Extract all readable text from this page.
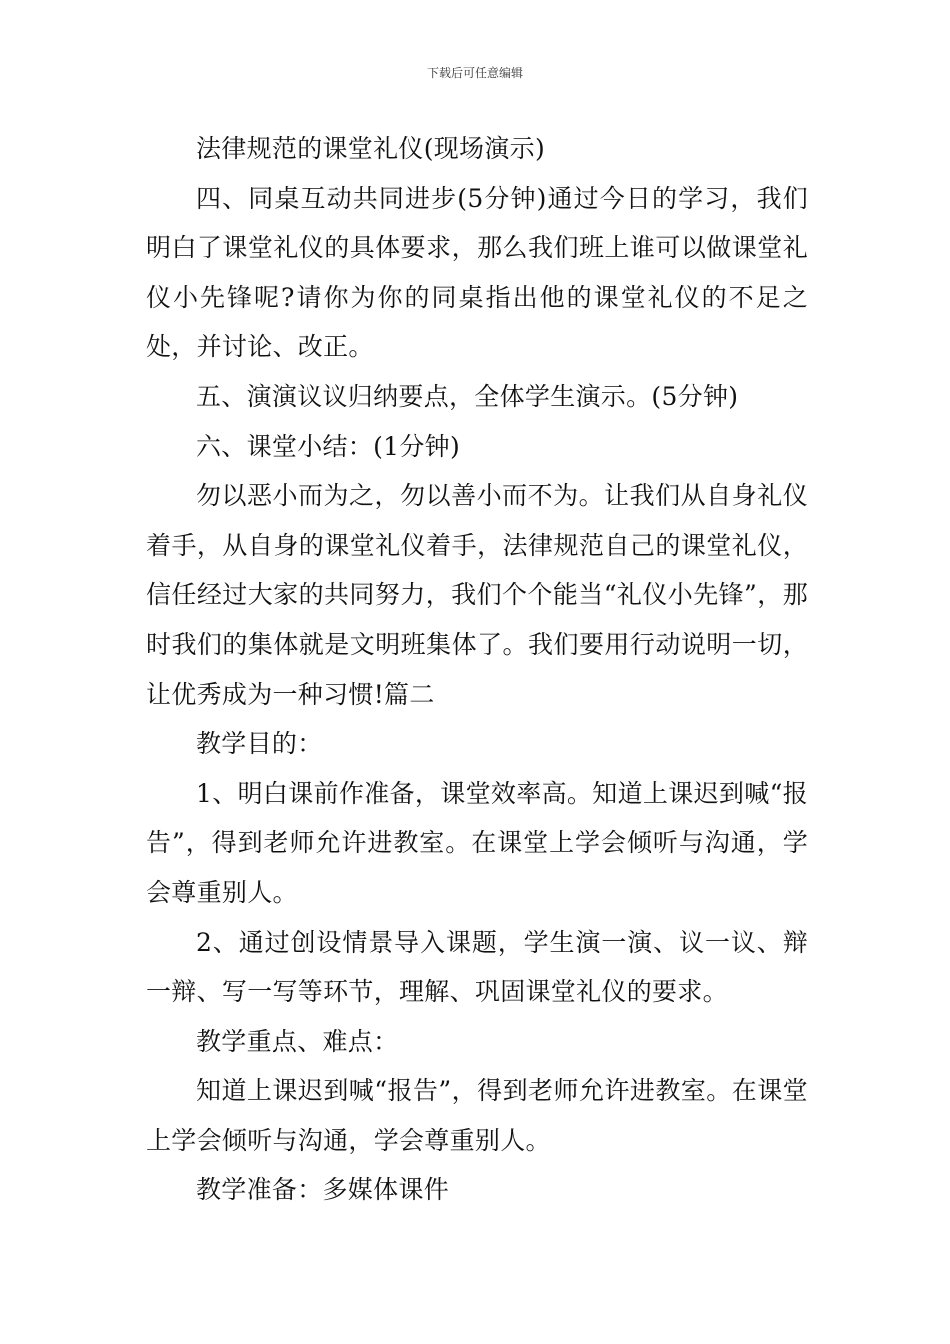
下载后可任意编辑

法律规范的课堂礼仪(现场演示)

四、同桌互动共同进步(5分钟)通过今日的学习，我们明白了课堂礼仪的具体要求，那么我们班上谁可以做课堂礼仪小先锋呢?请你为你的同桌指出他的课堂礼仪的不足之处，并讨论、改正。

五、演演议议归纳要点，全体学生演示。(5分钟)

六、课堂小结：(1分钟)

勿以恶小而为之，勿以善小而不为。让我们从自身礼仪着手，从自身的课堂礼仪着手，法律规范自己的课堂礼仪，信任经过大家的共同努力，我们个个能当“礼仪小先锋”，那时我们的集体就是文明班集体了。我们要用行动说明一切，让优秀成为一种习惯!篇二

教学目的：

1、明白课前作准备，课堂效率高。知道上课迟到喊“报告”，得到老师允许进教室。在课堂上学会倾听与沟通，学会尊重别人。

2、通过创设情景导入课题，学生演一演、议一议、辩一辩、写一写等环节，理解、巩固课堂礼仪的要求。

教学重点、难点：

知道上课迟到喊“报告”，得到老师允许进教室。在课堂上学会倾听与沟通，学会尊重别人。

教学准备：多媒体课件
